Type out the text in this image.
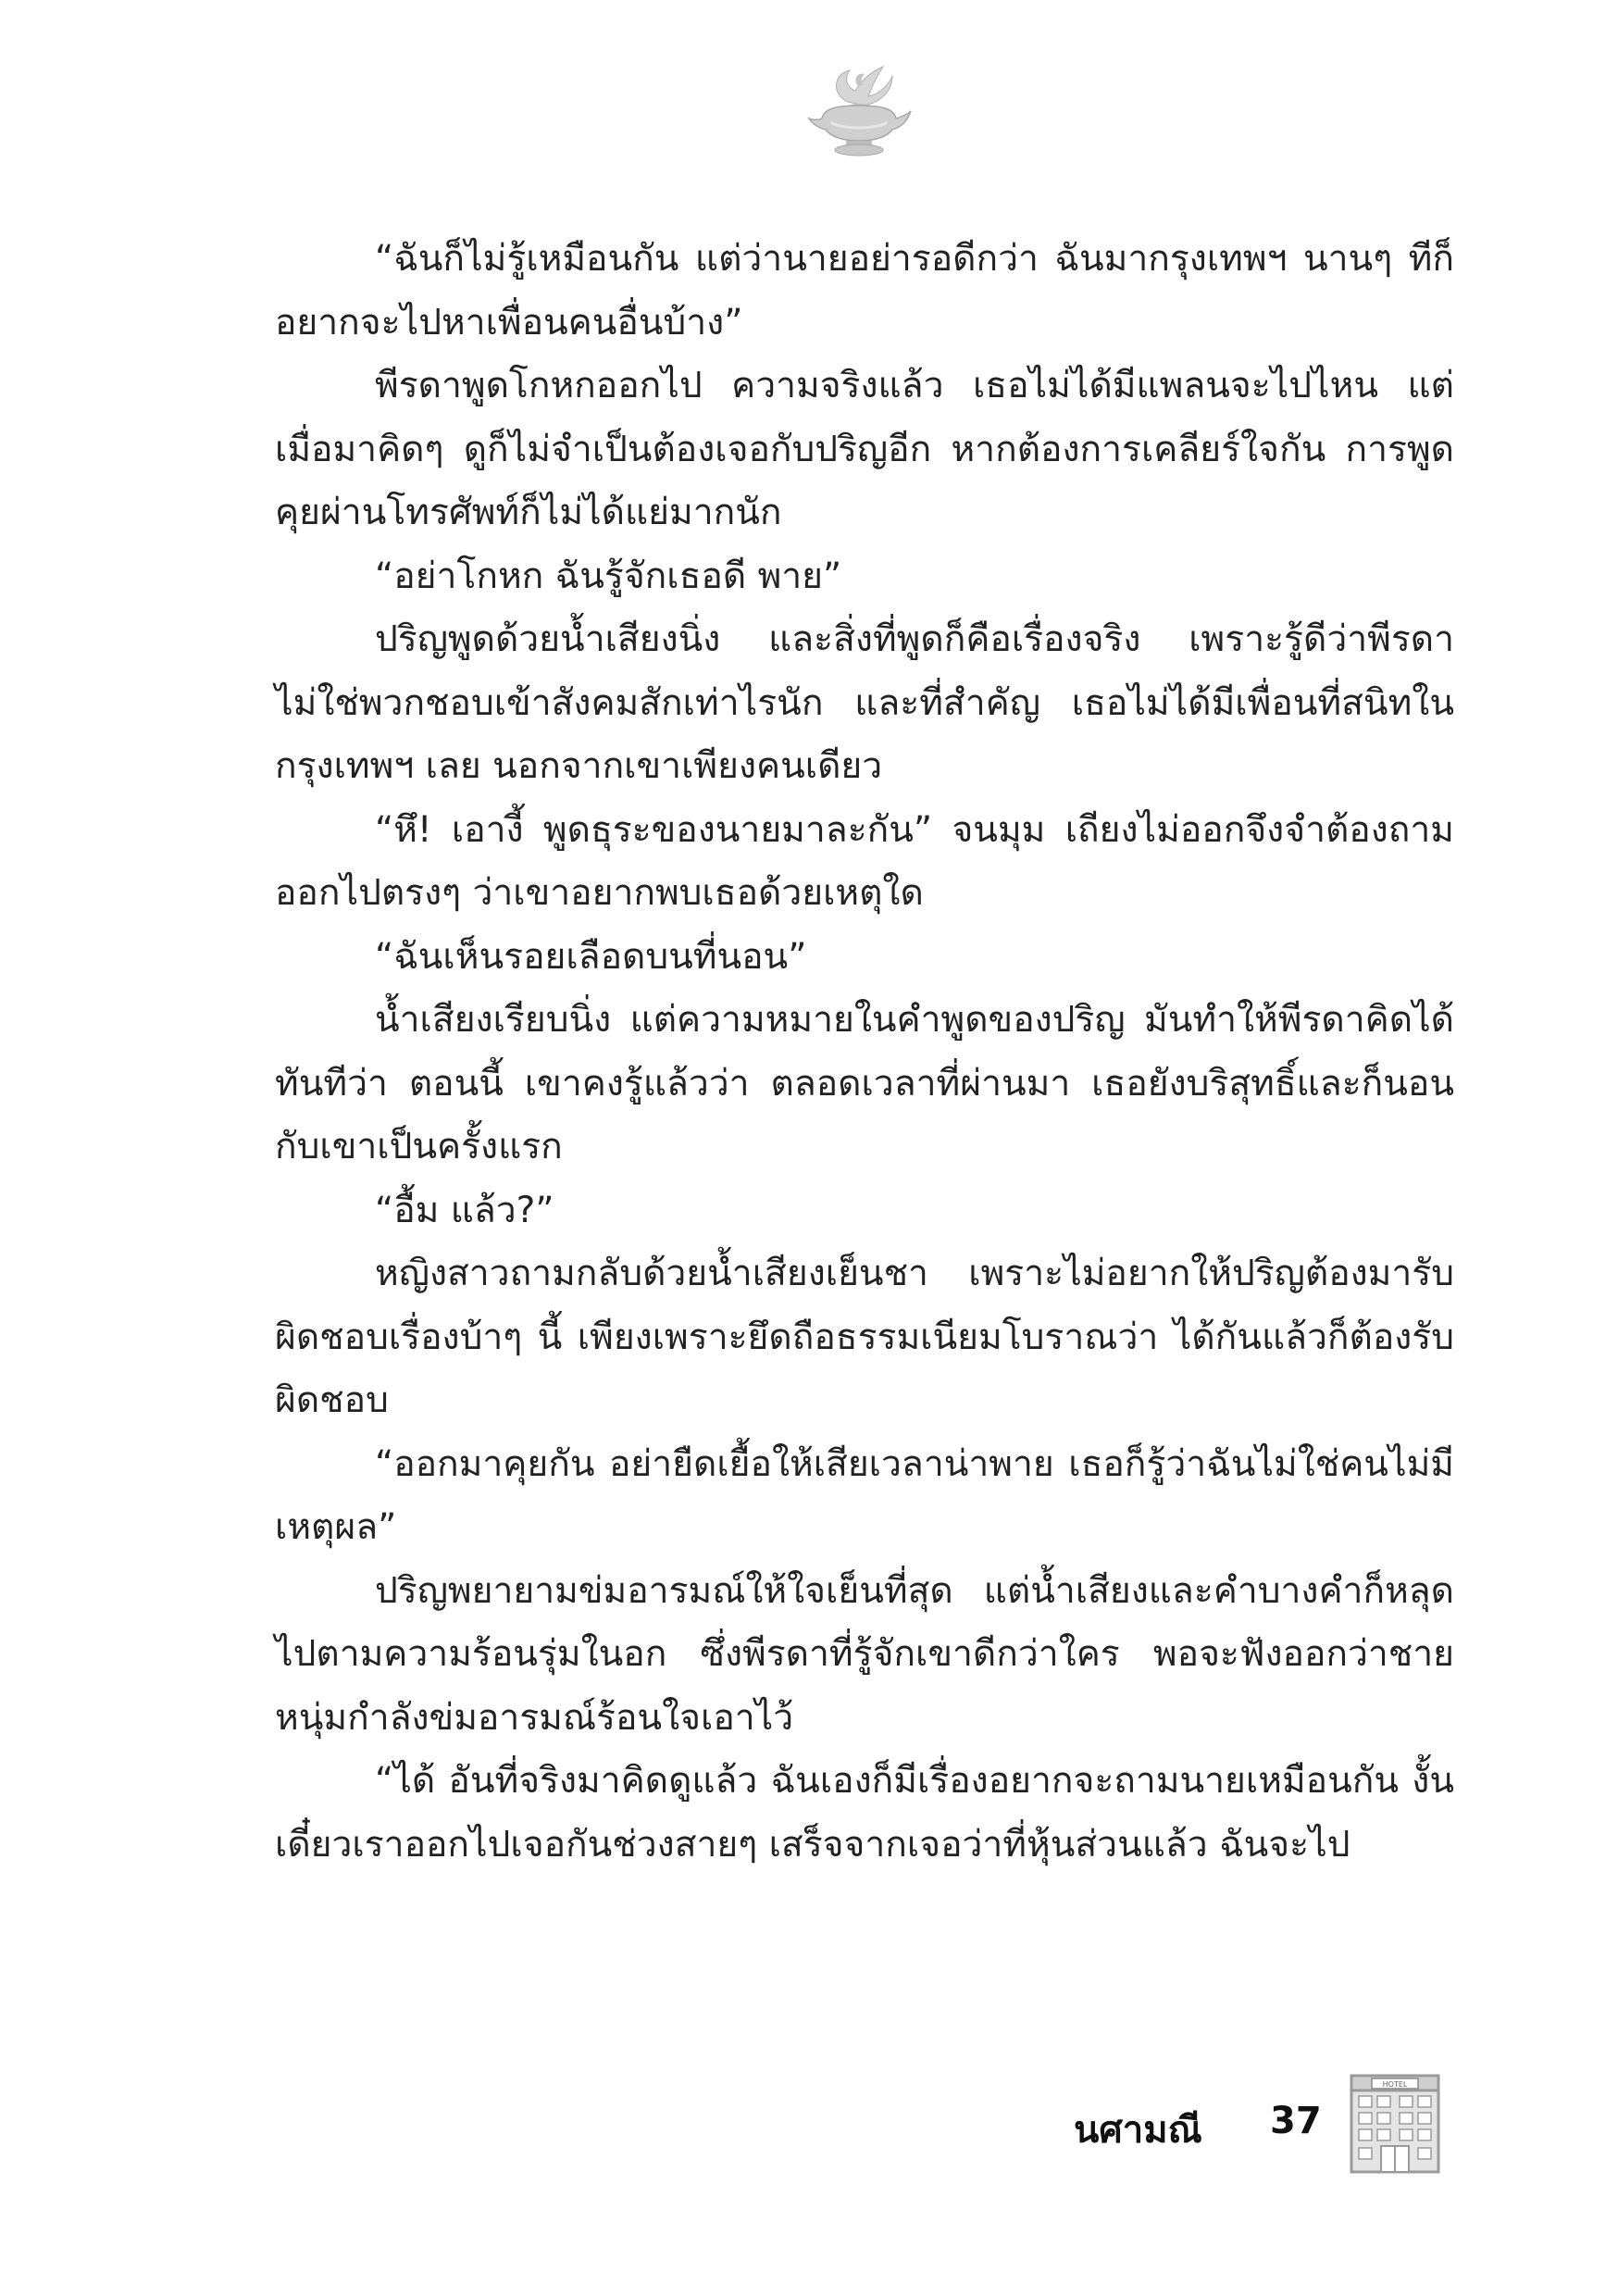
“ฉันก็ไม่รู้เหมือนกัน แต่ว่านายอย่ารอดีกว่า ฉันมากรุงเทพฯ นานๆ ทีก็อยากจะไปหาเพื่อนคนอื่นบ้าง”

พีรดาพูดโกหกออกไป ความจริงแล้ว เธอไม่ได้มีแพลนจะไปไหน แต่เมื่อมาคิดๆ ดูก็ไม่จำเป็นต้องเจอกับปริญอีก หากต้องการเคลียร์ใจกัน การพูดคุยผ่านโทรศัพท์ก็ไม่ได้แย่มากนัก

“อย่าโกหก ฉันรู้จักเธอดี พาย”

ปริญพูดด้วยน้ำเสียงนิ่ง และสิ่งที่พูดก็คือเรื่องจริง เพราะรู้ดีว่าพีรดาไม่ใช่พวกชอบเข้าสังคมสักเท่าไรนัก และที่สำคัญ เธอไม่ได้มีเพื่อนที่สนิทในกรุงเทพฯ เลย นอกจากเขาเพียงคนเดียว

“หึ! เอางี้ พูดธุระของนายมาละกัน” จนมุม เถียงไม่ออกจึงจำต้องถามออกไปตรงๆ ว่าเขาอยากพบเธอด้วยเหตุใด

“ฉันเห็นรอยเลือดบนที่นอน”

น้ำเสียงเรียบนิ่ง แต่ความหมายในคำพูดของปริญ มันทำให้พีรดาคิดได้ทันทีว่า ตอนนี้ เขาคงรู้แล้วว่า ตลอดเวลาที่ผ่านมา เธอยังบริสุทธิ์และก็นอนกับเขาเป็นครั้งแรก

“อื้ม แล้ว?”

หญิงสาวถามกลับด้วยน้ำเสียงเย็นชา เพราะไม่อยากให้ปริญต้องมารับผิดชอบเรื่องบ้าๆ นี้ เพียงเพราะยึดถือธรรมเนียมโบราณว่า ได้กันแล้วก็ต้องรับผิดชอบ

“ออกมาคุยกัน อย่ายืดเยื้อให้เสียเวลาน่าพาย เธอก็รู้ว่าฉันไม่ใช่คนไม่มีเหตุผล”

ปริญพยายามข่มอารมณ์ให้ใจเย็นที่สุด แต่น้ำเสียงและคำบางคำก็หลุดไปตามความร้อนรุ่มในอก ซึ่งพีรดาที่รู้จักเขาดีกว่าใคร พอจะฟังออกว่าชายหนุ่มกำลังข่มอารมณ์ร้อนใจเอาไว้

“ได้ อันที่จริงมาคิดดูแล้ว ฉันเองก็มีเรื่องอยากจะถามนายเหมือนกัน งั้นเดี๋ยวเราออกไปเจอกันช่วงสายๆ เสร็จจากเจอว่าที่หุ้นส่วนแล้ว ฉันจะไป

นศามณี 37
HOTEL
